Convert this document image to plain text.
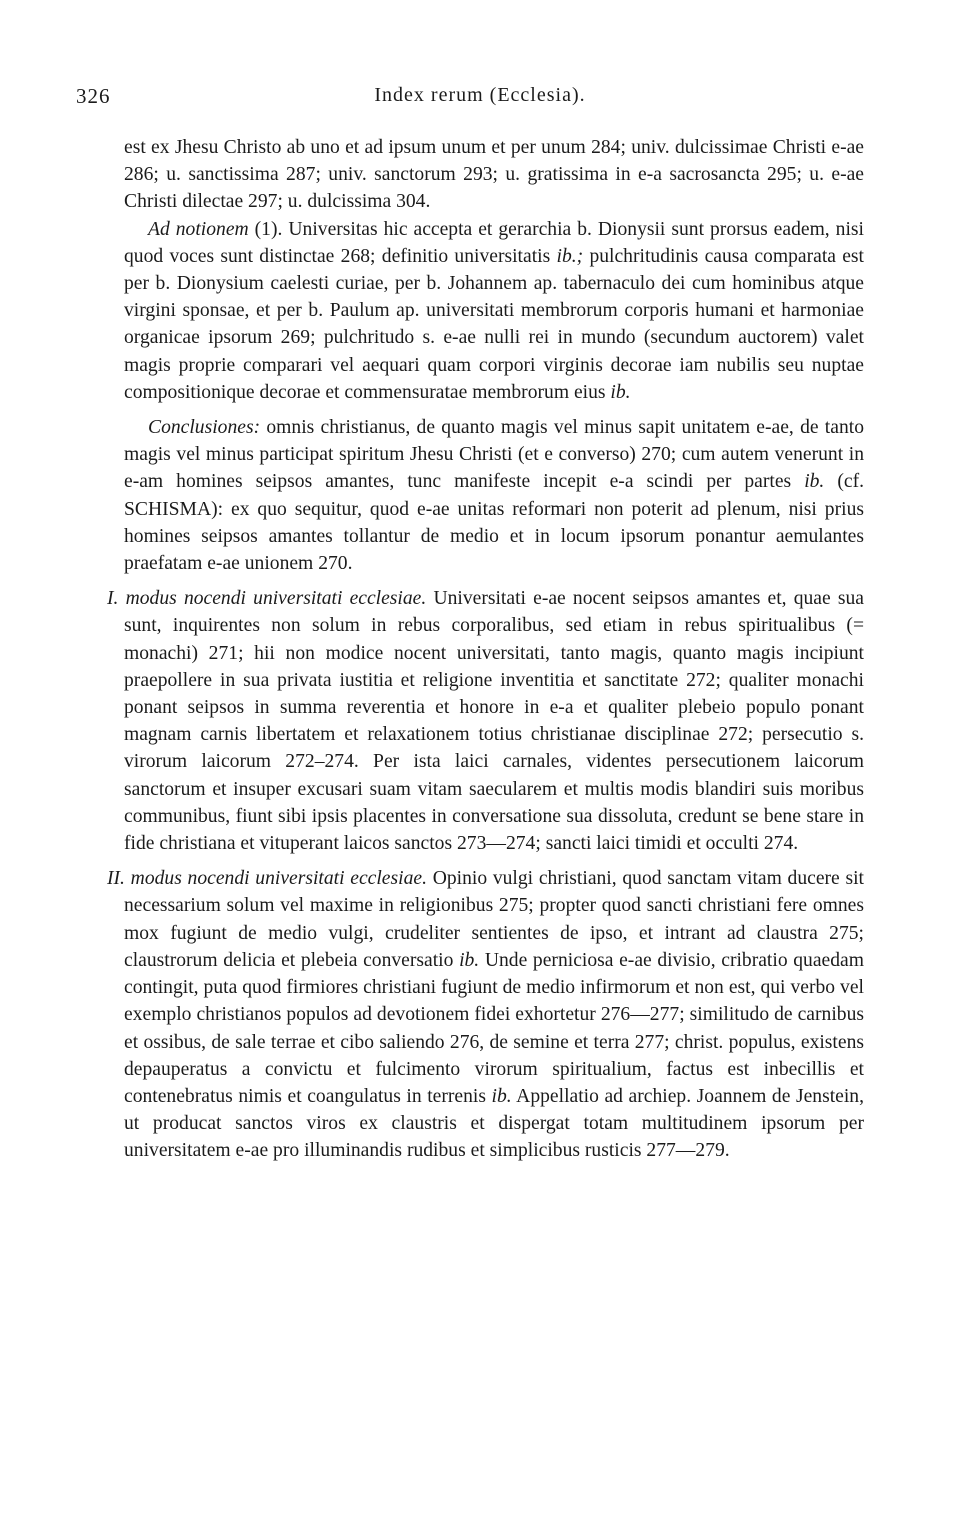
326	Index rerum (Ecclesia).

est ex Jhesu Christo ab uno et ad ipsum unum et per unum 284; univ. dulcissimae Christi e-ae 286; u. sanctissima 287; univ. sanctorum 293; u. gratissima in e-a sacrosancta 295; u. e-ae Christi dilectae 297; u. dulcissima 304.

Ad notionem (1). Universitas hic accepta et gerarchia b. Dionysii sunt prorsus eadem, nisi quod voces sunt distinctae 268; definitio universitatis ib.; pulchritudinis causa comparata est per b. Dionysium caelesti curiae, per b. Johannem ap. tabernaculo dei cum hominibus atque virgini sponsae, et per b. Paulum ap. universitati membrorum corporis humani et harmoniae organicae ipsorum 269; pulchritudo s. e-ae nulli rei in mundo (secundum auctorem) valet magis proprie comparari vel aequari quam corpori virginis decorae iam nubilis seu nuptae compositionique decorae et commensuratae membrorum eius ib.

Conclusiones: omnis christianus, de quanto magis vel minus sapit unitatem e-ae, de tanto magis vel minus participat spiritum Jhesu Christi (et e converso) 270; cum autem venerunt in e-am homines seipsos amantes, tunc manifeste incepit e-a scindi per partes ib. (cf. SCHISMA): ex quo sequitur, quod e-ae unitas reformari non poterit ad plenum, nisi prius homines seipsos amantes tollantur de medio et in locum ipsorum ponantur aemulantes praefatam e-ae unionem 270.

I. modus nocendi universitati ecclesiae. Universitati e-ae nocent seipsos amantes et, quae sua sunt, inquirentes non solum in rebus corporalibus, sed etiam in rebus spiritualibus (= monachi) 271; hii non modice nocent universitati, tanto magis, quanto magis incipiunt praepollere in sua privata iustitia et religione inventitia et sanctitate 272; qualiter monachi ponant seipsos in summa reverentia et honore in e-a et qualiter plebeio populo ponant magnam carnis libertatem et relaxationem totius christianae disciplinae 272; persecutio s. virorum laicorum 272–274. Per ista laici carnales, videntes persecutionem laicorum sanctorum et insuper excusari suam vitam saecularem et multis modis blandiri suis moribus communibus, fiunt sibi ipsis placentes in conversatione sua dissoluta, credunt se bene stare in fide christiana et vituperant laicos sanctos 273—274; sancti laici timidi et occulti 274.

II. modus nocendi universitati ecclesiae. Opinio vulgi christiani, quod sanctam vitam ducere sit necessarium solum vel maxime in religionibus 275; propter quod sancti christiani fere omnes mox fugiunt de medio vulgi, crudeliter sentientes de ipso, et intrant ad claustra 275; claustrorum delicia et plebeia conversatio ib. Unde perniciosa e-ae divisio, cribratio quaedam contingit, puta quod firmiores christiani fugiunt de medio infirmorum et non est, qui verbo vel exemplo christianos populos ad devotionem fidei exhortetur 276—277; similitudo de carnibus et ossibus, de sale terrae et cibo saliendo 276, de semine et terra 277; christ. populus, existens depauperatus a convictu et fulcimento virorum spiritualium, factus est inbecillis et contenebratus nimis et coangulatus in terrenis ib. Appellatio ad archiep. Joannem de Jenstein, ut producat sanctos viros ex claustris et dispergat totam multitudinem ipsorum per universitatem e-ae pro illuminandis rudibus et simplicibus rusticis 277—279.
